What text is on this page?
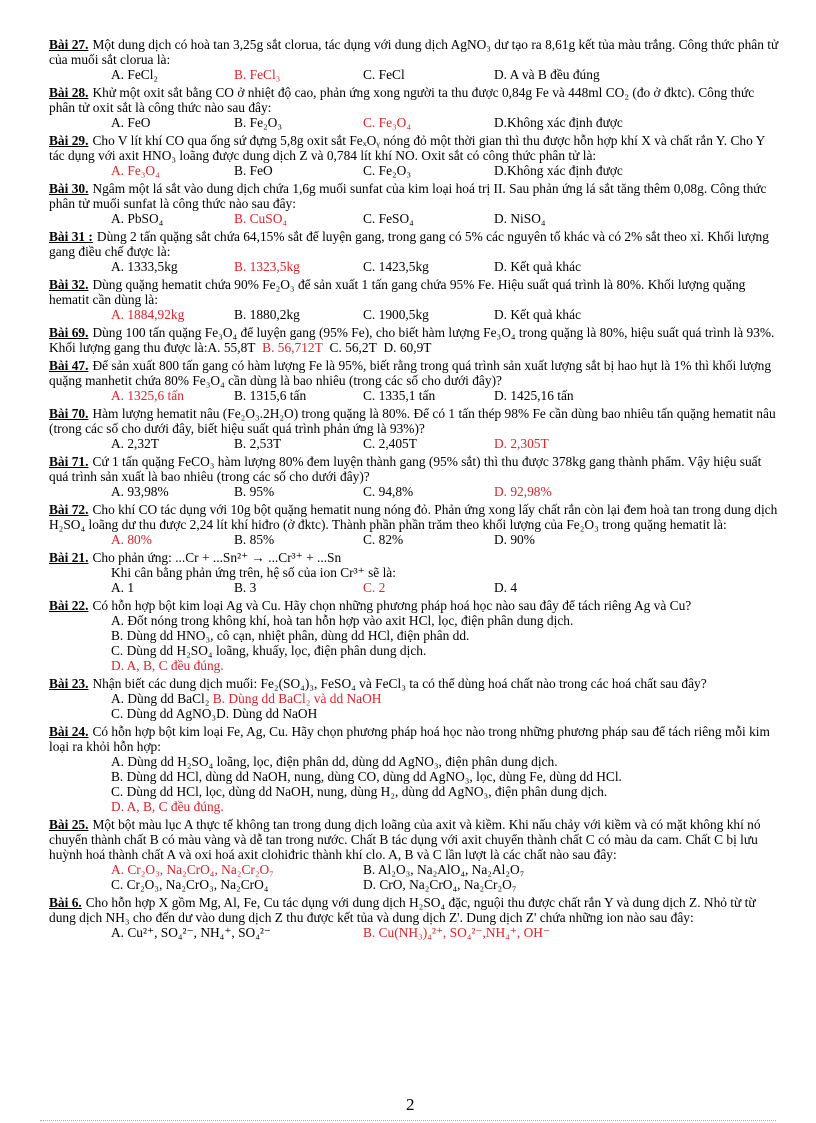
Bài 27. Một dung dịch có hoà tan 3,25g sắt clorua, tác dụng với dung dịch AgNO₃ dư tạo ra 8,61g kết tủa màu trắng. Công thức phân tử của muối sắt clorua là:
A. FeCl₂	B. FeCl₃	C. FeCl	D. A và B đều đúng
Bài 28. Khử một oxit sắt bằng CO ở nhiệt độ cao, phản ứng xong người ta thu được 0,84g Fe và 448ml CO₂ (đo ở đktc). Công thức phân tử oxit sắt là công thức nào sau đây:
A. FeO	B. Fe₂O₃	C. Fe₃O₄	D.Không xác định được
Bài 29. Cho V lít khí CO qua ống sứ đựng 5,8g oxit sắt FeₓOᵧ nóng đỏ một thời gian thì thu được hỗn hợp khí X và chất rắn Y. Cho Y tác dụng với axit HNO₃ loãng được dung dịch Z và 0,784 lít khí NO. Oxit sắt có công thức phân tử là:
A. Fe₃O₄	B. FeO	C. Fe₂O₃	D.Không xác định được
Bài 30. Ngâm một lá sắt vào dung dịch chứa 1,6g muối sunfat của kim loại hoá trị II. Sau phản ứng lá sắt tăng thêm 0,08g. Công thức phân tử muối sunfat là công thức nào sau đây:
A. PbSO₄	B. CuSO₄	C. FeSO₄	D. NiSO₄
Bài 31 : Dùng 2 tấn quặng sắt chứa 64,15% sắt để luyện gang, trong gang có 5% các nguyên tố khác và có 2% sắt theo xỉ. Khối lượng gang điều chế được là:
A. 1333,5kg	B. 1323,5kg	C. 1423,5kg	D. Kết quả khác
Bài 32. Dùng quặng hematit chứa 90% Fe₂O₃ để sản xuất 1 tấn gang chứa 95% Fe. Hiệu suất quá trình là 80%. Khối lượng quặng hematit cần dùng là:
A. 1884,92kg	B. 1880,2kg	C. 1900,5kg	D. Kết quả khác
Bài 69. Dùng 100 tấn quặng Fe₃O₄ để luyện gang (95% Fe), cho biết hàm lượng Fe₃O₄ trong quặng là 80%, hiệu suất quá trình là 93%. Khối lượng gang thu được là:A. 55,8T B. 56,712T C. 56,2T D. 60,9T
Bài 47. Để sản xuất 800 tấn gang có hàm lượng Fe là 95%, biết rằng trong quá trình sản xuất lượng sắt bị hao hụt là 1% thì khối lượng quặng manhetit chứa 80% Fe₃O₄ cần dùng là bao nhiêu (trong các số cho dưới đây)?
A. 1325,6 tấn	B. 1315,6 tấn	C. 1335,1 tấn	D. 1425,16 tấn
Bài 70. Hàm lượng hematit nâu (Fe₂O₃.2H₂O) trong quặng là 80%. Để có 1 tấn thép 98% Fe cần dùng bao nhiêu tấn quặng hematit nâu (trong các số cho dưới đây, biết hiệu suất quá trình phản ứng là 93%)?
A. 2,32T	B. 2,53T	C. 2,405T	D. 2,305T
Bài 71. Cứ 1 tấn quặng FeCO₃ hàm lượng 80% đem luyện thành gang (95% sắt) thì thu được 378kg gang thành phẩm. Vậy hiệu suất quá trình sản xuất là bao nhiêu (trong các số cho dưới đây)?
A. 93,98%	B. 95%	C. 94,8%	D. 92,98%
Bài 72. Cho khí CO tác dụng với 10g bột quặng hematit nung nóng đỏ. Phản ứng xong lấy chất rắn còn lại đem hoà tan trong dung dịch H₂SO₄ loãng dư thu được 2,24 lít khí hiđro (ở đktc). Thành phần phần trăm theo khối lượng của Fe₂O₃ trong quặng hematit là:
A. 80%	B. 85%	C. 82%	D. 90%
Bài 21. Cho phản ứng: ...Cr + ...Sn²⁺ → ...Cr³⁺ + ...Sn
Khi cân bằng phản ứng trên, hệ số của ion Cr³⁺ sẽ là:
A. 1	B. 3	C. 2	D. 4
Bài 22. Có hỗn hợp bột kim loại Ag và Cu. Hãy chọn những phương pháp hoá học nào sau đây để tách riêng Ag và Cu?
A. Đốt nóng trong không khí, hoà tan hỗn hợp vào axit HCl, lọc, điện phân dung dịch.
B. Dùng dd HNO₃, cô cạn, nhiệt phân, dùng dd HCl, điện phân dd.
C. Dùng dd H₂SO₄ loãng, khuấy, lọc, điện phân dung dịch.
D. A, B, C đều đúng.
Bài 23. Nhận biết các dung dịch muối: Fe₂(SO₄)₃, FeSO₄ và FeCl₃ ta có thể dùng hoá chất nào trong các hoá chất sau đây?
A. Dùng dd BaCl₂ B. Dùng dd BaCl₂ và dd NaOH
C. Dùng dd AgNO₃D. Dùng dd NaOH
Bài 24. Có hỗn hợp bột kim loại Fe, Ag, Cu. Hãy chọn phương pháp hoá học nào trong những phương pháp sau để tách riêng mỗi kim loại ra khỏi hỗn hợp:
A. Dùng dd H₂SO₄ loãng, lọc, điện phân dd, dùng dd AgNO₃, điện phân dung dịch.
B. Dùng dd HCl, dùng dd NaOH, nung, dùng CO, dùng dd AgNO₃, lọc, dùng Fe, dùng dd HCl.
C. Dùng dd HCl, lọc, dùng dd NaOH, nung, dùng H₂, dùng dd AgNO₃, điện phân dung dịch.
D. A, B, C đều đúng.
Bài 25. Một bột màu lục A thực tế không tan trong dung dịch loãng của axit và kiềm. Khi nấu chảy với kiềm và có mặt không khí nó chuyển thành chất B có màu vàng và dễ tan trong nước. Chất B tác dụng với axit chuyển thành chất C có màu da cam. Chất C bị lưu huỳnh hoá thành chất A và oxi hoá axit clohiđric thành khí clo. A, B và C lần lượt là các chất nào sau đây:
A. Cr₂O₃, Na₂CrO₄, Na₂Cr₂O₇	B. Al₂O₃, Na₂AlO₄, Na₂Al₂O₇
C. Cr₂O₃, Na₂CrO₃, Na₂CrO₄	D. CrO, Na₂CrO₄, Na₂Cr₂O₇
Bài 6. Cho hỗn hợp X gồm Mg, Al, Fe, Cu tác dụng với dung dịch H₂SO₄ đặc, nguội thu được chất rắn Y và dung dịch Z. Nhỏ từ từ dung dịch NH₃ cho đến dư vào dung dịch Z thu được kết tủa và dung dịch Z'. Dung dịch Z' chứa những ion nào sau đây:
A. Cu²⁺, SO₄²⁻, NH₄⁺, SO₄²⁻	B. Cu(NH₃)₄²⁺, SO₄²⁻,NH₄⁺, OH⁻
2
